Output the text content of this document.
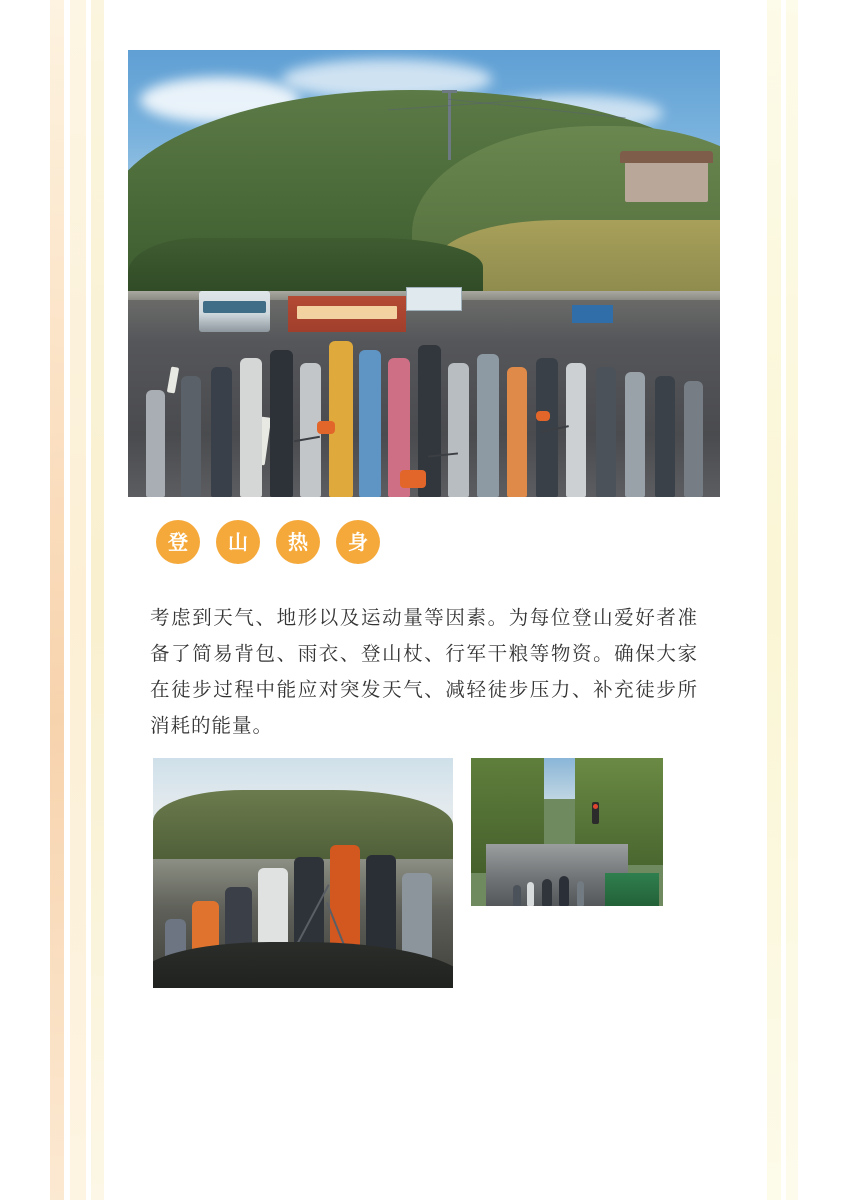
登	山	热	身
考虑到天气、地形以及运动量等因素。为每位登山爱好者准备了简易背包、雨衣、登山杖、行军干粮等物资。确保大家在徒步过程中能应对突发天气、减轻徒步压力、补充徒步所消耗的能量。
